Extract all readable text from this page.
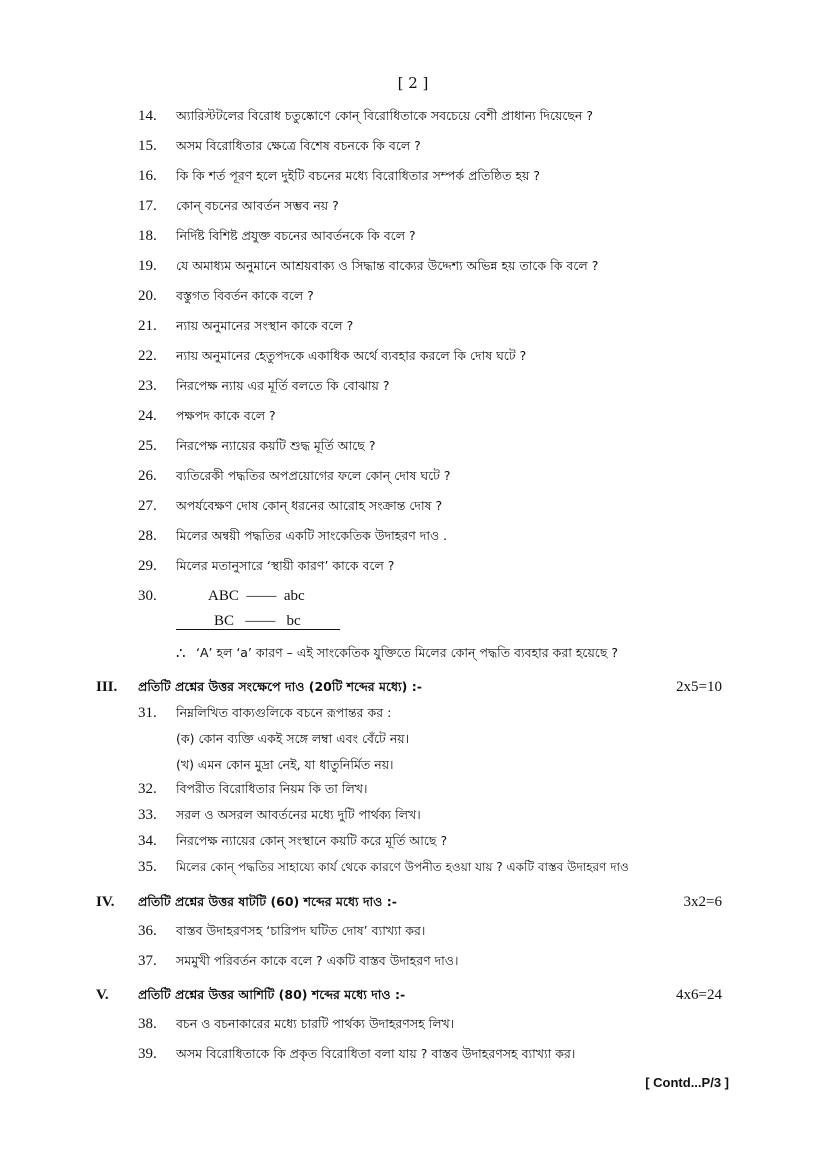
[ 2 ]
14. অ্যারিস্টটলের বিরোধ চতুষ্কোণে কোন্ বিরোধিতাকে সবচেয়ে বেশী প্রাধান্য দিয়েছেন ?
15. অসম বিরোধিতার ক্ষেত্রে বিশেষ বচনকে কি বলে ?
16. কি কি শর্ত পূরণ হলে দুইটি বচনের মধ্যে বিরোধিতার সম্পর্ক প্রতিষ্ঠিত হয় ?
17. কোন্ বচনের আবর্তন সম্ভব নয় ?
18. নির্দিষ্ট বিশিষ্ট প্রযুক্ত বচনের আবর্তনকে কি বলে ?
19. যে অমাধ্যম অনুমানে আশ্রয়বাক্য ও সিদ্ধান্ত বাক্যের উদ্দেশ্য অভিন্ন হয় তাকে কি বলে ?
20. বস্তুগত বিবর্তন কাকে বলে ?
21. ন্যায় অনুমানের সংস্থান কাকে বলে ?
22. ন্যায় অনুমানের হেতুপদকে একাধিক অর্থে ব্যবহার করলে কি দোষ ঘটে ?
23. নিরপেক্ষ ন্যায় এর মূর্তি বলতে কি বোঝায় ?
24. পক্ষপদ কাকে বলে ?
25. নিরপেক্ষ ন্যায়ের কয়টি শুদ্ধ মূর্তি আছে ?
26. ব্যতিরেকী পদ্ধতির অপপ্রয়োগের ফলে কোন্ দোষ ঘটে ?
27. অপর্যবেক্ষণ দোষ কোন্ ধরনের আরোহ সংক্রান্ত দোষ ?
28. মিলের অন্বয়ী পদ্ধতির একটি সাংকেতিক উদাহরণ দাও .
29. মিলের মতানুসারে ‘স্থায়ী কারণ’ কাকে বলে ?
30.	ABC  ——  abc
BC   ——   bc
∴ ‘A’ হল ‘a’ কারণ – এই সাংকেতিক যুক্তিতে মিলের কোন্ পদ্ধতি ব্যবহার করা হয়েছে ?
III. প্রতিটি প্রশ্নের উত্তর সংক্ষেপে দাও (20টি শব্দের মধ্যে) :-	2x5=10
31. নিম্নলিখিত বাক্যগুলিকে বচনে রূপান্তর কর :
(ক) কোন ব্যক্তি একই সঙ্গে লম্বা এবং বেঁটে নয়।
(খ) এমন কোন মুদ্রা নেই, যা ধাতুনির্মিত নয়।
32. বিপরীত বিরোধিতার নিয়ম কি তা লিখ।
33. সরল ও অসরল আবর্তনের মধ্যে দুটি পার্থক্য লিখ।
34. নিরপেক্ষ ন্যায়ের কোন্ সংস্থানে কয়টি করে মূর্তি আছে ?
35. মিলের কোন্ পদ্ধতির সাহায্যে কার্য থেকে কারণে উপনীত হওয়া যায় ? একটি বাস্তব উদাহরণ দাও
IV. প্রতিটি প্রশ্নের উত্তর ষাটটি (60) শব্দের মধ্যে দাও :-	3x2=6
36. বাস্তব উদাহরণসহ ‘চারিপদ ঘটিত দোষ’ ব্যাখ্যা কর।
37. সমমুখী পরিবর্তন কাকে বলে ? একটি বাস্তব উদাহরণ দাও।
V. প্রতিটি প্রশ্নের উত্তর আশিটি (80) শব্দের মধ্যে দাও :-	4x6=24
38. বচন ও বচনাকারের মধ্যে চারটি পার্থক্য উদাহরণসহ লিখ।
39. অসম বিরোধিতাকে কি প্রকৃত বিরোধিতা বলা যায় ? বাস্তব উদাহরণসহ ব্যাখ্যা কর।
[ Contd...P/3 ]
